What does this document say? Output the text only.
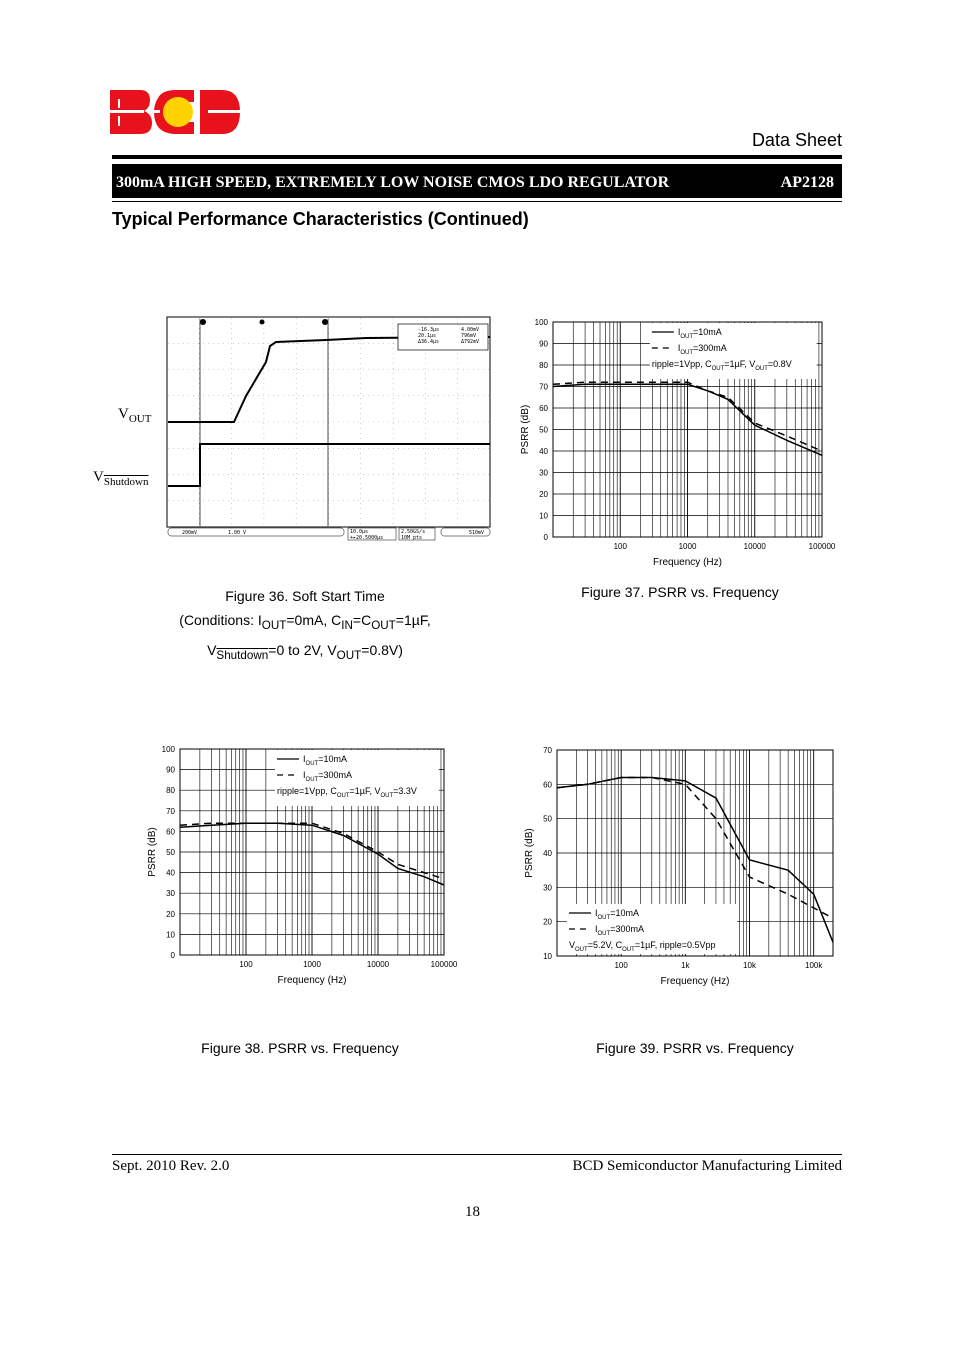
Data Sheet
300mA HIGH SPEED, EXTREMELY LOW NOISE CMOS LDO REGULATOR	AP2128
Typical Performance Characteristics (Continued)
$V_{OUT}$
$V_{Shutdown}$
-16.3µs
20.1µs
Δ36.4µs
4.00mV
796mV
Δ792mV
200mV	1.00 V	10.0µs
+▸20.5000µs
2.50GS/s
10M pts
510mV
Figure 36. Soft Start Time
(Conditions: $I_{OUT}=0mA$, $C_{IN}=C_{OUT}=1\mu F$,
$V_{Shutdown}=0$ to 2V, $V_{OUT}=0.8V$)
0
10
20
30
40
50
60
70
80
90
100
100	1000	10000	100000
Frequency (Hz)
PSRR (dB)
$I_{OUT}=10mA$
$I_{OUT}=300mA$
ripple=1Vpp, $C_{OUT}=1\mu F$, $V_{OUT}=0.8V$
Figure 37. PSRR vs. Frequency
0
10
20
30
40
50
60
70
80
90
100
100	1000	10000	100000
Frequency (Hz)
PSRR (dB)
$I_{OUT}=10mA$
$I_{OUT}=300mA$
ripple=1Vpp, $C_{OUT}=1\mu F$, $V_{OUT}=3.3V$
Figure 38. PSRR vs. Frequency
10
20
30
40
50
60
70
100	1k	10k	100k
Frequency (Hz)
PSRR (dB)
$I_{OUT}=10mA$
$I_{OUT}=300mA$
$V_{OUT}=5.2V$, $C_{OUT}=1\mu F$, ripple=0.5Vpp
Figure 39. PSRR vs. Frequency
Sept. 2010 Rev. 2.0	BCD Semiconductor Manufacturing Limited
18
